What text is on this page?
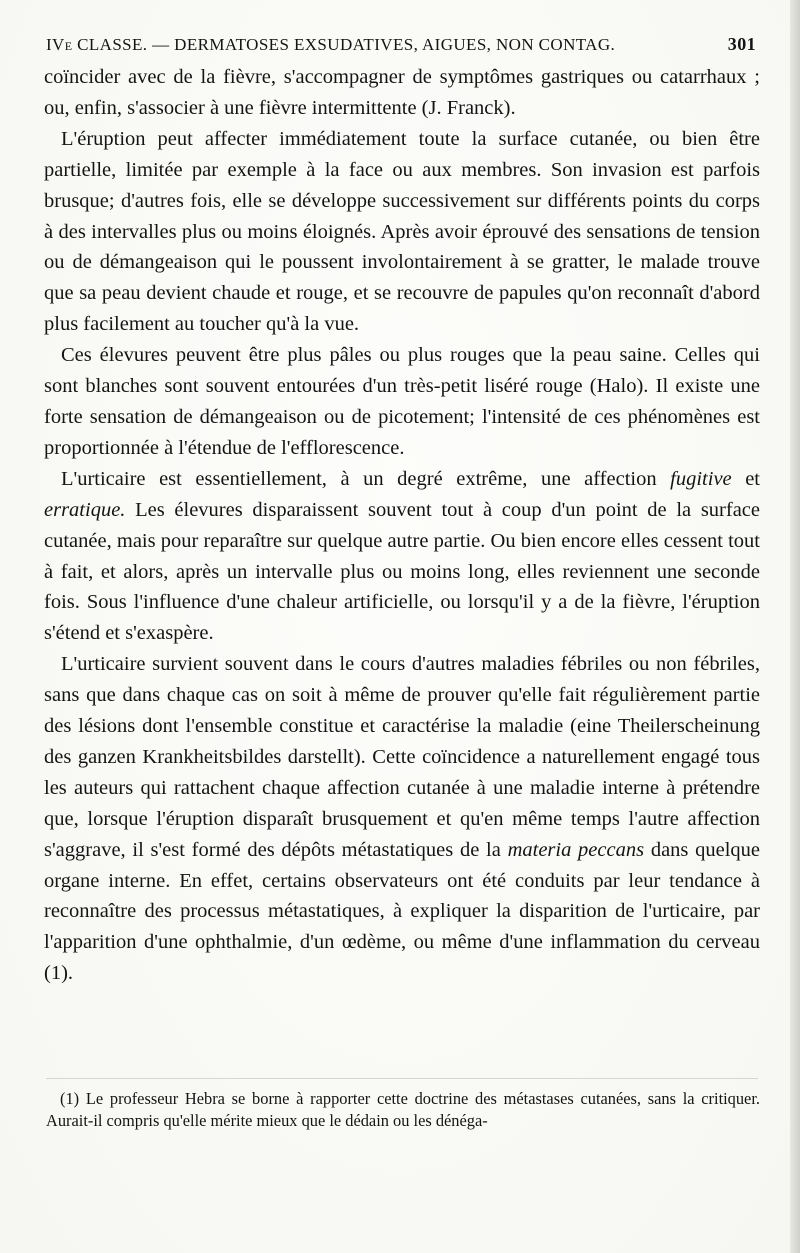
IVe CLASSE. — DERMATOSES EXSUDATIVES, AIGUES, NON CONTAG.	301

coïncider avec de la fièvre, s'accompagner de symptômes gastriques ou catarrhaux ; ou, enfin, s'associer à une fièvre intermittente (J. Franck).

L'éruption peut affecter immédiatement toute la surface cutanée, ou bien être partielle, limitée par exemple à la face ou aux membres. Son invasion est parfois brusque; d'autres fois, elle se développe successivement sur différents points du corps à des intervalles plus ou moins éloignés. Après avoir éprouvé des sensations de tension ou de démangeaison qui le poussent involontairement à se gratter, le malade trouve que sa peau devient chaude et rouge, et se recouvre de papules qu'on reconnaît d'abord plus facilement au toucher qu'à la vue.

Ces élevures peuvent être plus pâles ou plus rouges que la peau saine. Celles qui sont blanches sont souvent entourées d'un très-petit liséré rouge (Halo). Il existe une forte sensation de démangeaison ou de picotement; l'intensité de ces phénomènes est proportionnée à l'étendue de l'efflorescence.

L'urticaire est essentiellement, à un degré extrême, une affection fugitive et erratique. Les élevures disparaissent souvent tout à coup d'un point de la surface cutanée, mais pour reparaître sur quelque autre partie. Ou bien encore elles cessent tout à fait, et alors, après un intervalle plus ou moins long, elles reviennent une seconde fois. Sous l'influence d'une chaleur artificielle, ou lorsqu'il y a de la fièvre, l'éruption s'étend et s'exaspère.

L'urticaire survient souvent dans le cours d'autres maladies fébriles ou non fébriles, sans que dans chaque cas on soit à même de prouver qu'elle fait régulièrement partie des lésions dont l'ensemble constitue et caractérise la maladie (eine Theilerscheinung des ganzen Krankheitsbildes darstellt). Cette coïncidence a naturellement engagé tous les auteurs qui rattachent chaque affection cutanée à une maladie interne à prétendre que, lorsque l'éruption disparaît brusquement et qu'en même temps l'autre affection s'aggrave, il s'est formé des dépôts métastatiques de la materia peccans dans quelque organe interne. En effet, certains observateurs ont été conduits par leur tendance à reconnaître des processus métastatiques, à expliquer la disparition de l'urticaire, par l'apparition d'une ophthalmie, d'un œdème, ou même d'une inflammation du cerveau (1).

(1) Le professeur Hebra se borne à rapporter cette doctrine des métastases cutanées, sans la critiquer. Aurait-il compris qu'elle mérite mieux que le dédain ou les dénéga-
